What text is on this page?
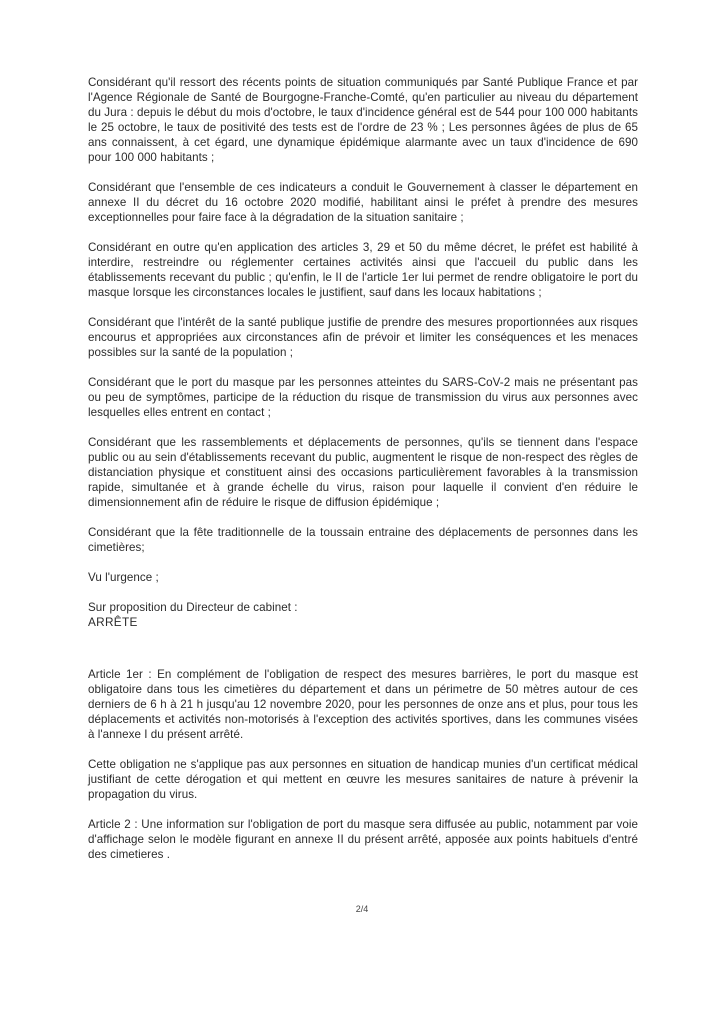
Considérant qu'il ressort des récents points de situation communiqués par Santé Publique France et par l'Agence Régionale de Santé de Bourgogne-Franche-Comté, qu'en particulier au niveau du département du Jura : depuis le début du mois d'octobre, le taux d'incidence général est de 544 pour 100 000 habitants le 25 octobre, le taux de positivité des tests est de l'ordre de 23 % ; Les personnes âgées de plus de 65 ans connaissent, à cet égard, une dynamique épidémique alarmante avec un taux d'incidence de 690 pour 100 000 habitants ;

Considérant que l'ensemble de ces indicateurs a conduit le Gouvernement à classer le département en annexe II du décret du 16 octobre 2020 modifié, habilitant ainsi le préfet à prendre des mesures exceptionnelles pour faire face à la dégradation de la situation sanitaire ;

Considérant en outre qu'en application des articles 3, 29 et 50 du même décret, le préfet est habilité à interdire, restreindre ou réglementer certaines activités ainsi que l'accueil du public dans les établissements recevant du public ; qu'enfin, le II de l'article 1er lui permet de rendre obligatoire le port du masque lorsque les circonstances locales le justifient, sauf dans les locaux habitations ;

Considérant que l'intérêt de la santé publique justifie de prendre des mesures proportionnées aux risques encourus et appropriées aux circonstances afin de prévoir et limiter les conséquences et les menaces possibles sur la santé de la population ;

Considérant que le port du masque par les personnes atteintes du SARS-CoV-2 mais ne présentant pas ou peu de symptômes, participe de la réduction du risque de transmission du virus aux personnes avec lesquelles elles entrent en contact ;

Considérant que les rassemblements et déplacements de personnes, qu'ils se tiennent dans l'espace public ou au sein d'établissements recevant du public, augmentent le risque de non-respect des règles de distanciation physique et constituent ainsi des occasions particulièrement favorables à la transmission rapide, simultanée et à grande échelle du virus, raison pour laquelle il convient d'en réduire le dimensionnement afin de réduire le risque de diffusion épidémique ;

Considérant que la fête traditionnelle de la toussain entraine des déplacements de personnes dans les cimetières;

Vu l'urgence ;

Sur proposition du Directeur de cabinet :

ARRÊTE

Article 1er : En complément de l'obligation de respect des mesures barrières, le port du masque est obligatoire dans tous les cimetières du département et dans un périmetre de 50 mètres autour de ces derniers de 6 h à 21 h jusqu'au 12 novembre 2020, pour les personnes de onze ans et plus, pour tous les déplacements et activités non-motorisés à l'exception des activités sportives, dans les communes visées à l'annexe I du présent arrêté.

Cette obligation ne s'applique pas aux personnes en situation de handicap munies d'un certificat médical justifiant de cette dérogation et qui mettent en œuvre les mesures sanitaires de nature à prévenir la propagation du virus.

Article 2 : Une information sur l'obligation de port du masque sera diffusée au public, notamment par voie d'affichage selon le modèle figurant en annexe II du présent arrêté, apposée aux points habituels d'entré des cimetieres .

2/4
